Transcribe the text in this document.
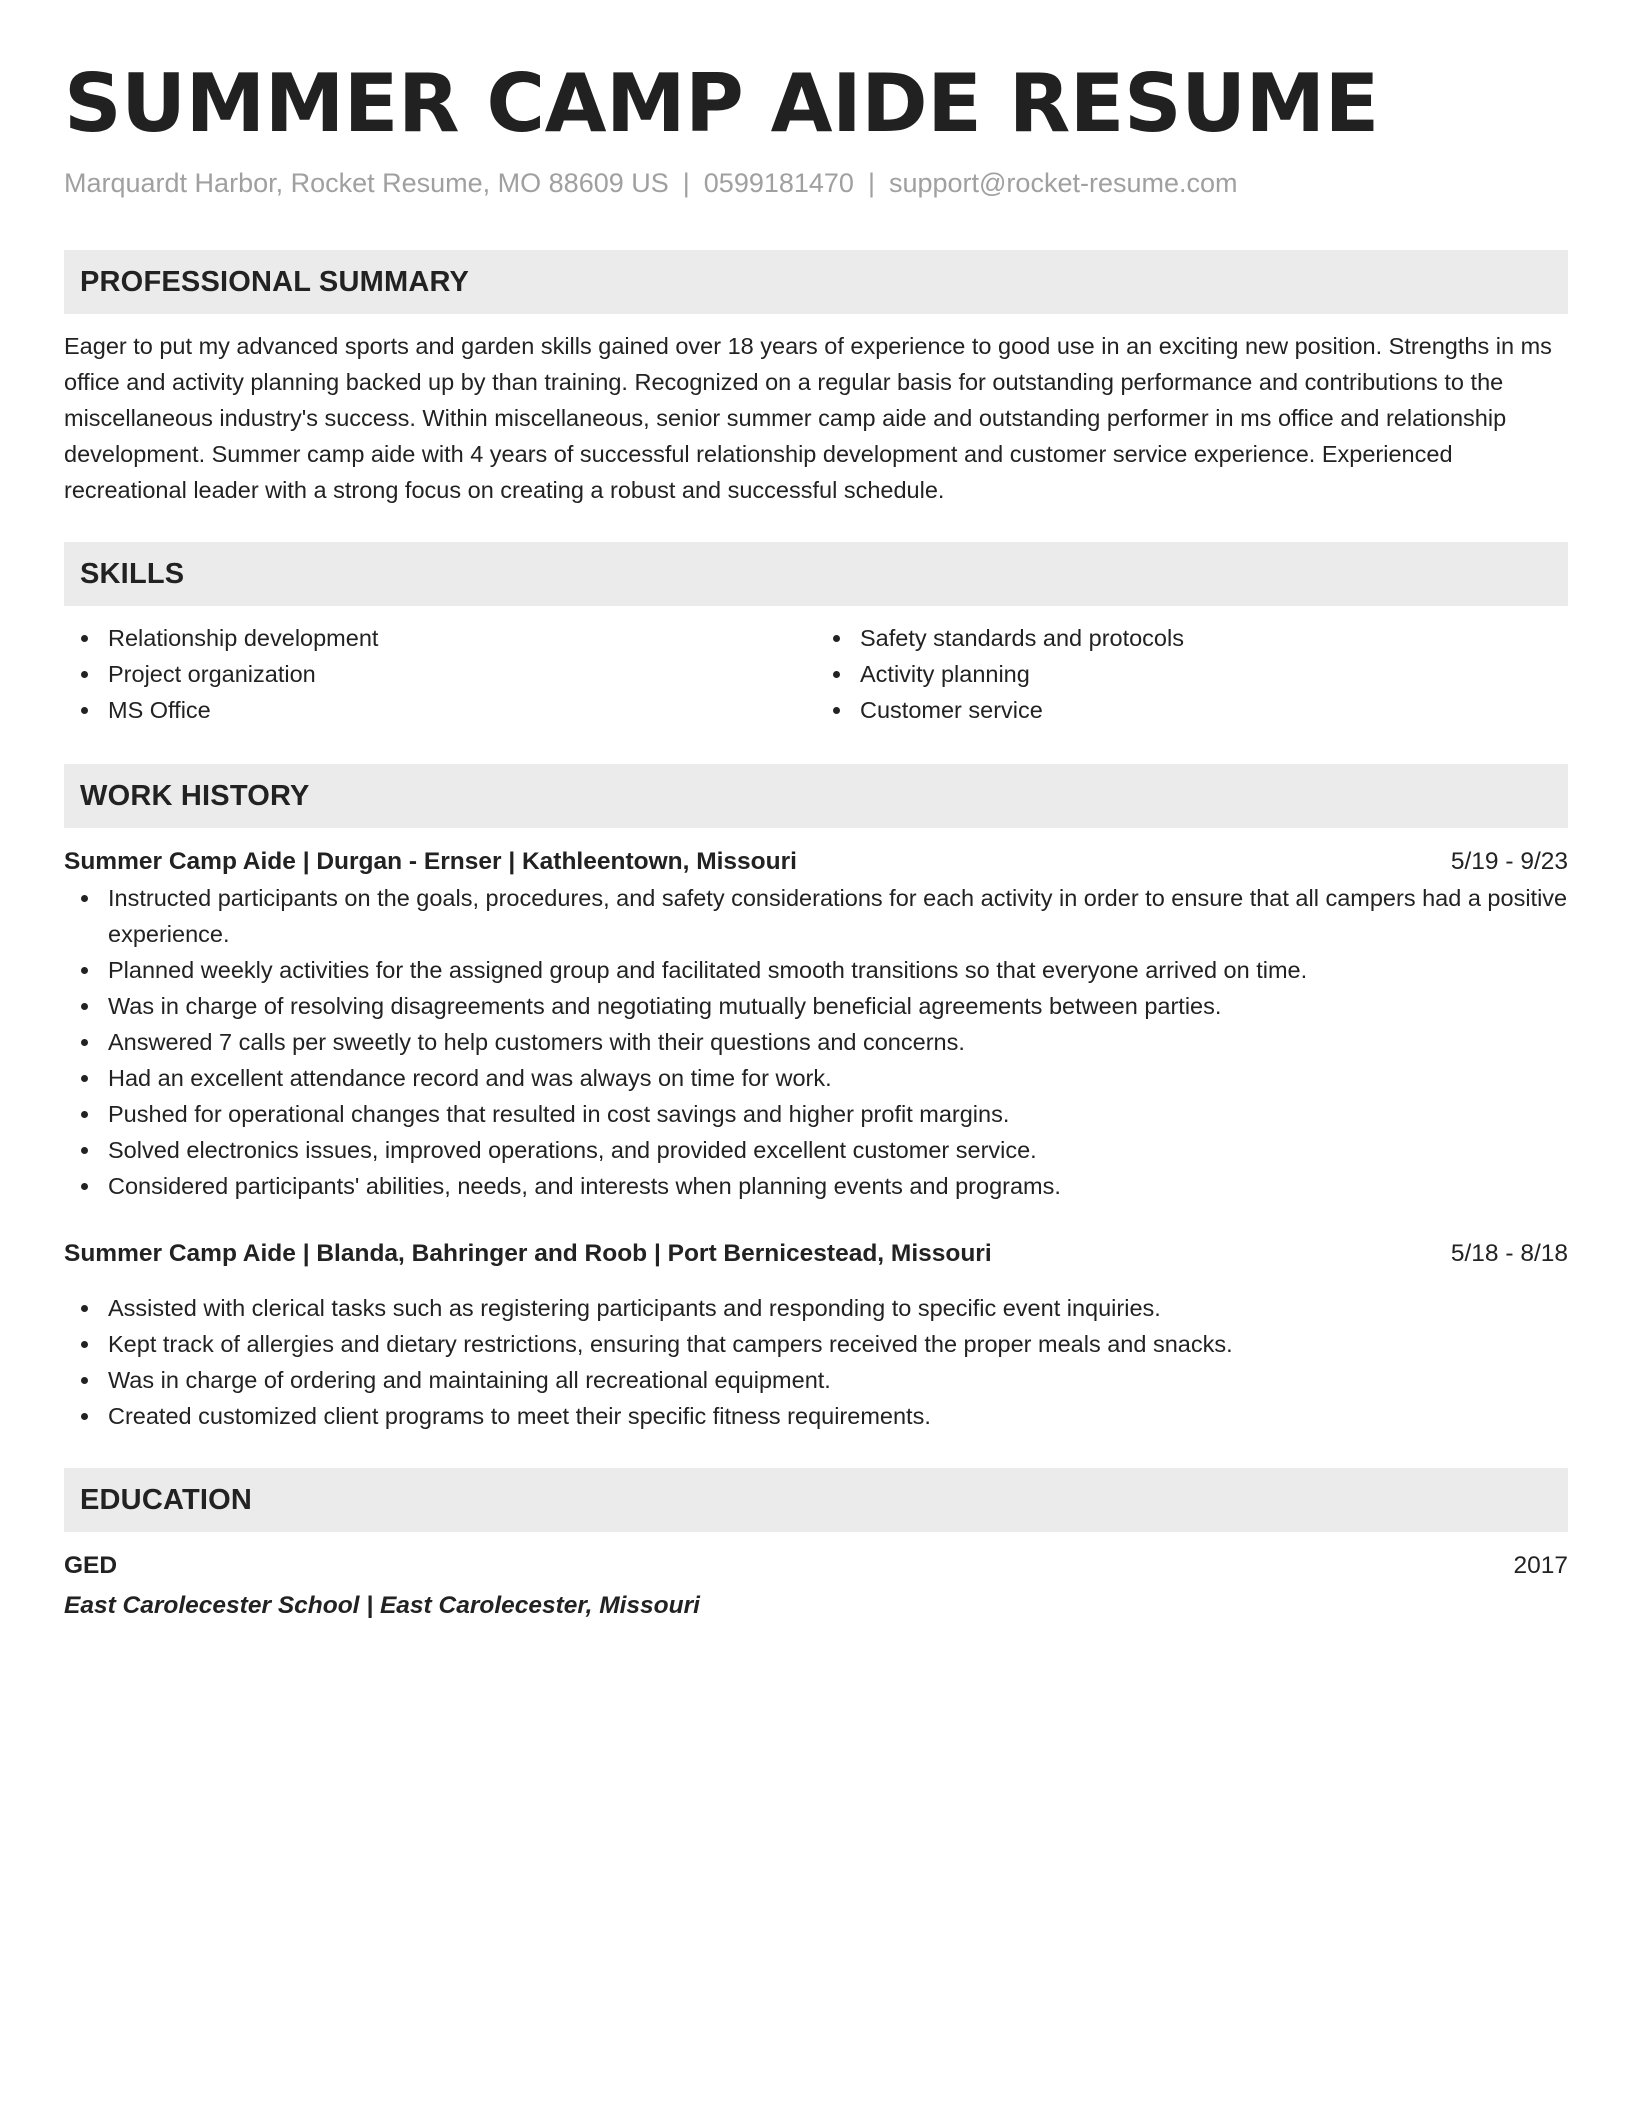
SUMMER CAMP AIDE RESUME
Marquardt Harbor, Rocket Resume, MO 88609 US | 0599181470 | support@rocket-resume.com
PROFESSIONAL SUMMARY
Eager to put my advanced sports and garden skills gained over 18 years of experience to good use in an exciting new position. Strengths in ms office and activity planning backed up by than training. Recognized on a regular basis for outstanding performance and contributions to the miscellaneous industry's success. Within miscellaneous, senior summer camp aide and outstanding performer in ms office and relationship development. Summer camp aide with 4 years of successful relationship development and customer service experience. Experienced recreational leader with a strong focus on creating a robust and successful schedule.
SKILLS
Relationship development
Project organization
MS Office
Safety standards and protocols
Activity planning
Customer service
WORK HISTORY
Summer Camp Aide | Durgan - Ernser | Kathleentown, Missouri	5/19 - 9/23
Instructed participants on the goals, procedures, and safety considerations for each activity in order to ensure that all campers had a positive experience.
Planned weekly activities for the assigned group and facilitated smooth transitions so that everyone arrived on time.
Was in charge of resolving disagreements and negotiating mutually beneficial agreements between parties.
Answered 7 calls per sweetly to help customers with their questions and concerns.
Had an excellent attendance record and was always on time for work.
Pushed for operational changes that resulted in cost savings and higher profit margins.
Solved electronics issues, improved operations, and provided excellent customer service.
Considered participants' abilities, needs, and interests when planning events and programs.
Summer Camp Aide | Blanda, Bahringer and Roob | Port Bernicestead, Missouri	5/18 - 8/18
Assisted with clerical tasks such as registering participants and responding to specific event inquiries.
Kept track of allergies and dietary restrictions, ensuring that campers received the proper meals and snacks.
Was in charge of ordering and maintaining all recreational equipment.
Created customized client programs to meet their specific fitness requirements.
EDUCATION
GED	2017
East Carolecester School | East Carolecester, Missouri
